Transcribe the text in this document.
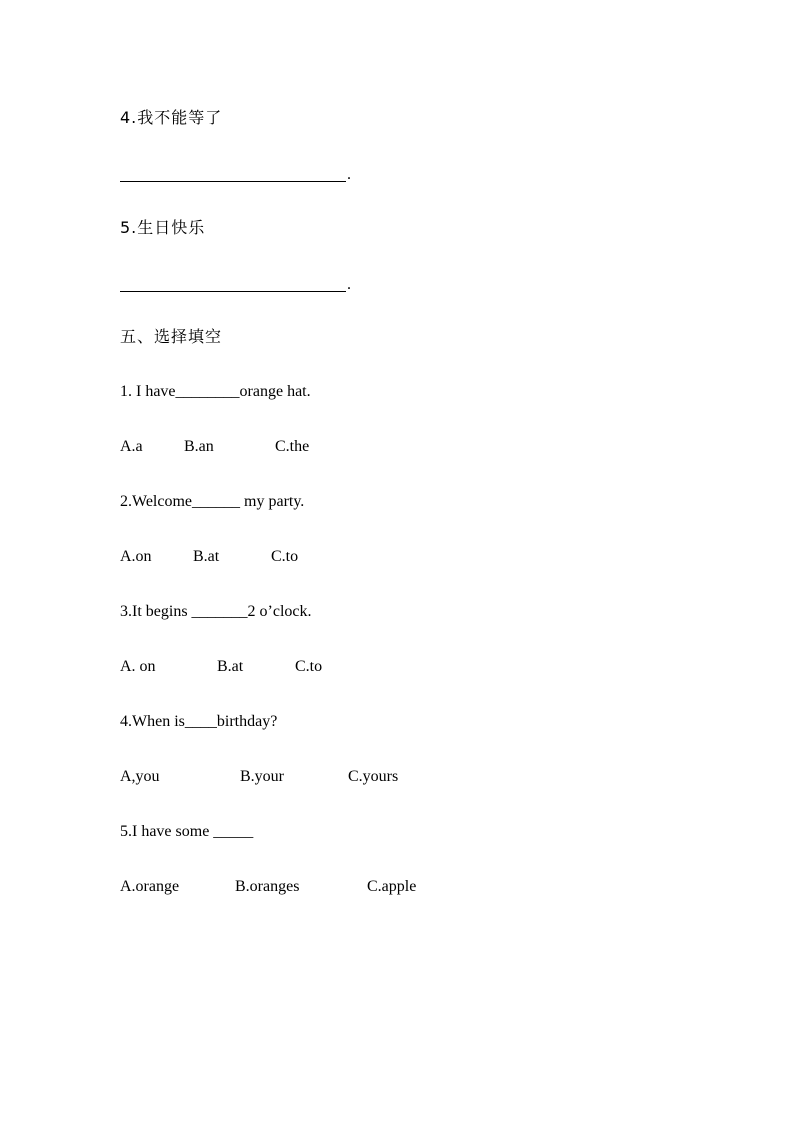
4.我不能等了
.
5.生日快乐
.
五、选择填空
1. I have________orange hat.
A.a	B.an	C.the
2.Welcome______ my party.
A.on	B.at	C.to
3.It begins _______2 o’clock.
A. on	B.at	C.to
4.When is____birthday?
A,you	B.your	C.yours
5.I have some _____
A.orange	B.oranges	C.apple
